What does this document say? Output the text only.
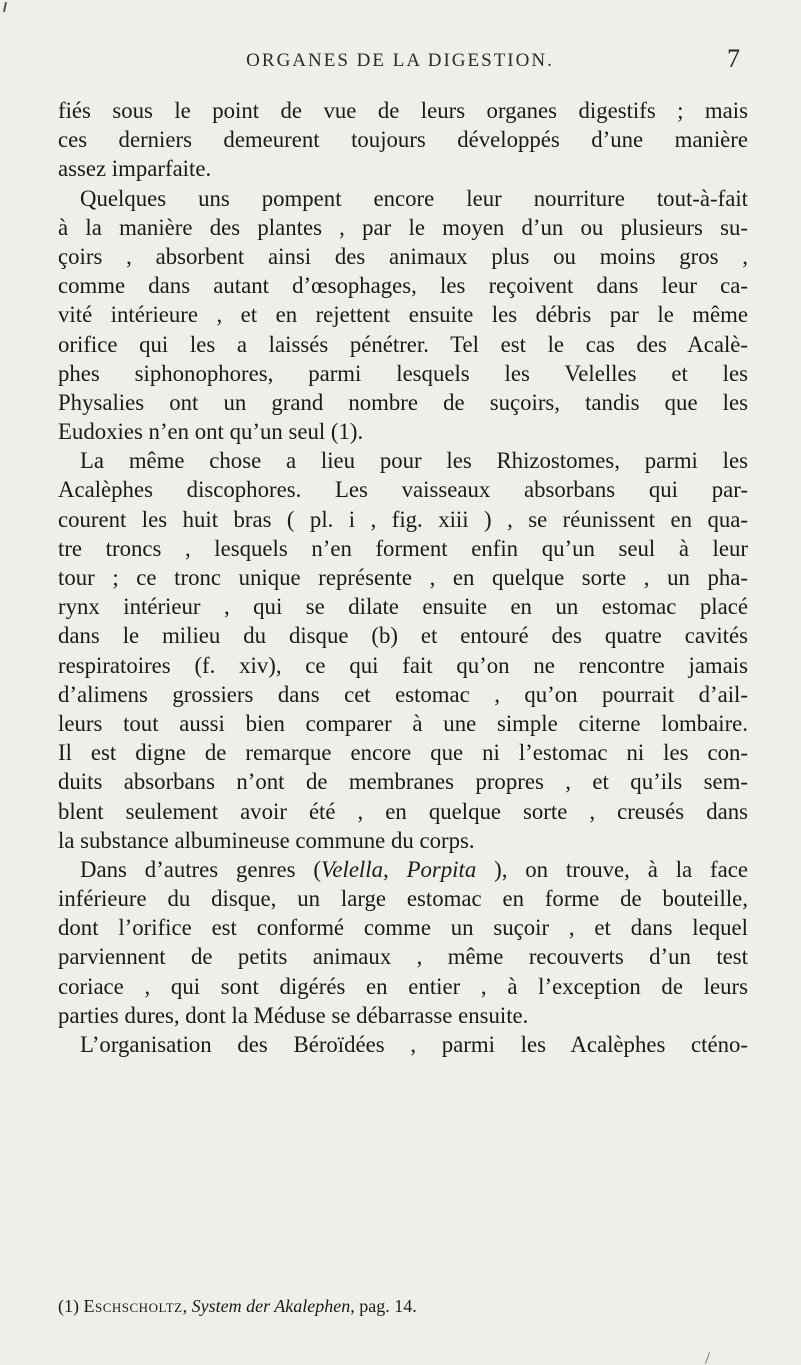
ORGANES DE LA DIGESTION.	7
fiés sous le point de vue de leurs organes digestifs ; mais
ces derniers demeurent toujours développés d’une manière
assez imparfaite.
Quelques uns pompent encore leur nourriture tout-à-fait
à la manière des plantes , par le moyen d’un ou plusieurs su-
çoirs , absorbent ainsi des animaux plus ou moins gros ,
comme dans autant d’œsophages, les reçoivent dans leur ca-
vité intérieure , et en rejettent ensuite les débris par le même
orifice qui les a laissés pénétrer. Tel est le cas des Acalè-
phes siphonophores, parmi lesquels les Velelles et les
Physalies ont un grand nombre de suçoirs, tandis que les
Eudoxies n’en ont qu’un seul (1).
La même chose a lieu pour les Rhizostomes, parmi les
Acalèphes discophores. Les vaisseaux absorbans qui par-
courent les huit bras ( pl. i , fig. xiii ) , se réunissent en qua-
tre troncs , lesquels n’en forment enfin qu’un seul à leur
tour ; ce tronc unique représente , en quelque sorte , un pha-
rynx intérieur , qui se dilate ensuite en un estomac placé
dans le milieu du disque (b) et entouré des quatre cavités
respiratoires (f. xiv), ce qui fait qu’on ne rencontre jamais
d’alimens grossiers dans cet estomac , qu’on pourrait d’ail-
leurs tout aussi bien comparer à une simple citerne lombaire.
Il est digne de remarque encore que ni l’estomac ni les con-
duits absorbans n’ont de membranes propres , et qu’ils sem-
blent seulement avoir été , en quelque sorte , creusés dans
la substance albumineuse commune du corps.
Dans d’autres genres (Velella, Porpita ), on trouve, à la face
inférieure du disque, un large estomac en forme de bouteille,
dont l’orifice est conformé comme un suçoir , et dans lequel
parviennent de petits animaux , même recouverts d’un test
coriace , qui sont digérés en entier , à l’exception de leurs
parties dures, dont la Méduse se débarrasse ensuite.
L’organisation des Béroïdées , parmi les Acalèphes cténo-
(1) Eschscholtz, System der Akalephen, pag. 14.
